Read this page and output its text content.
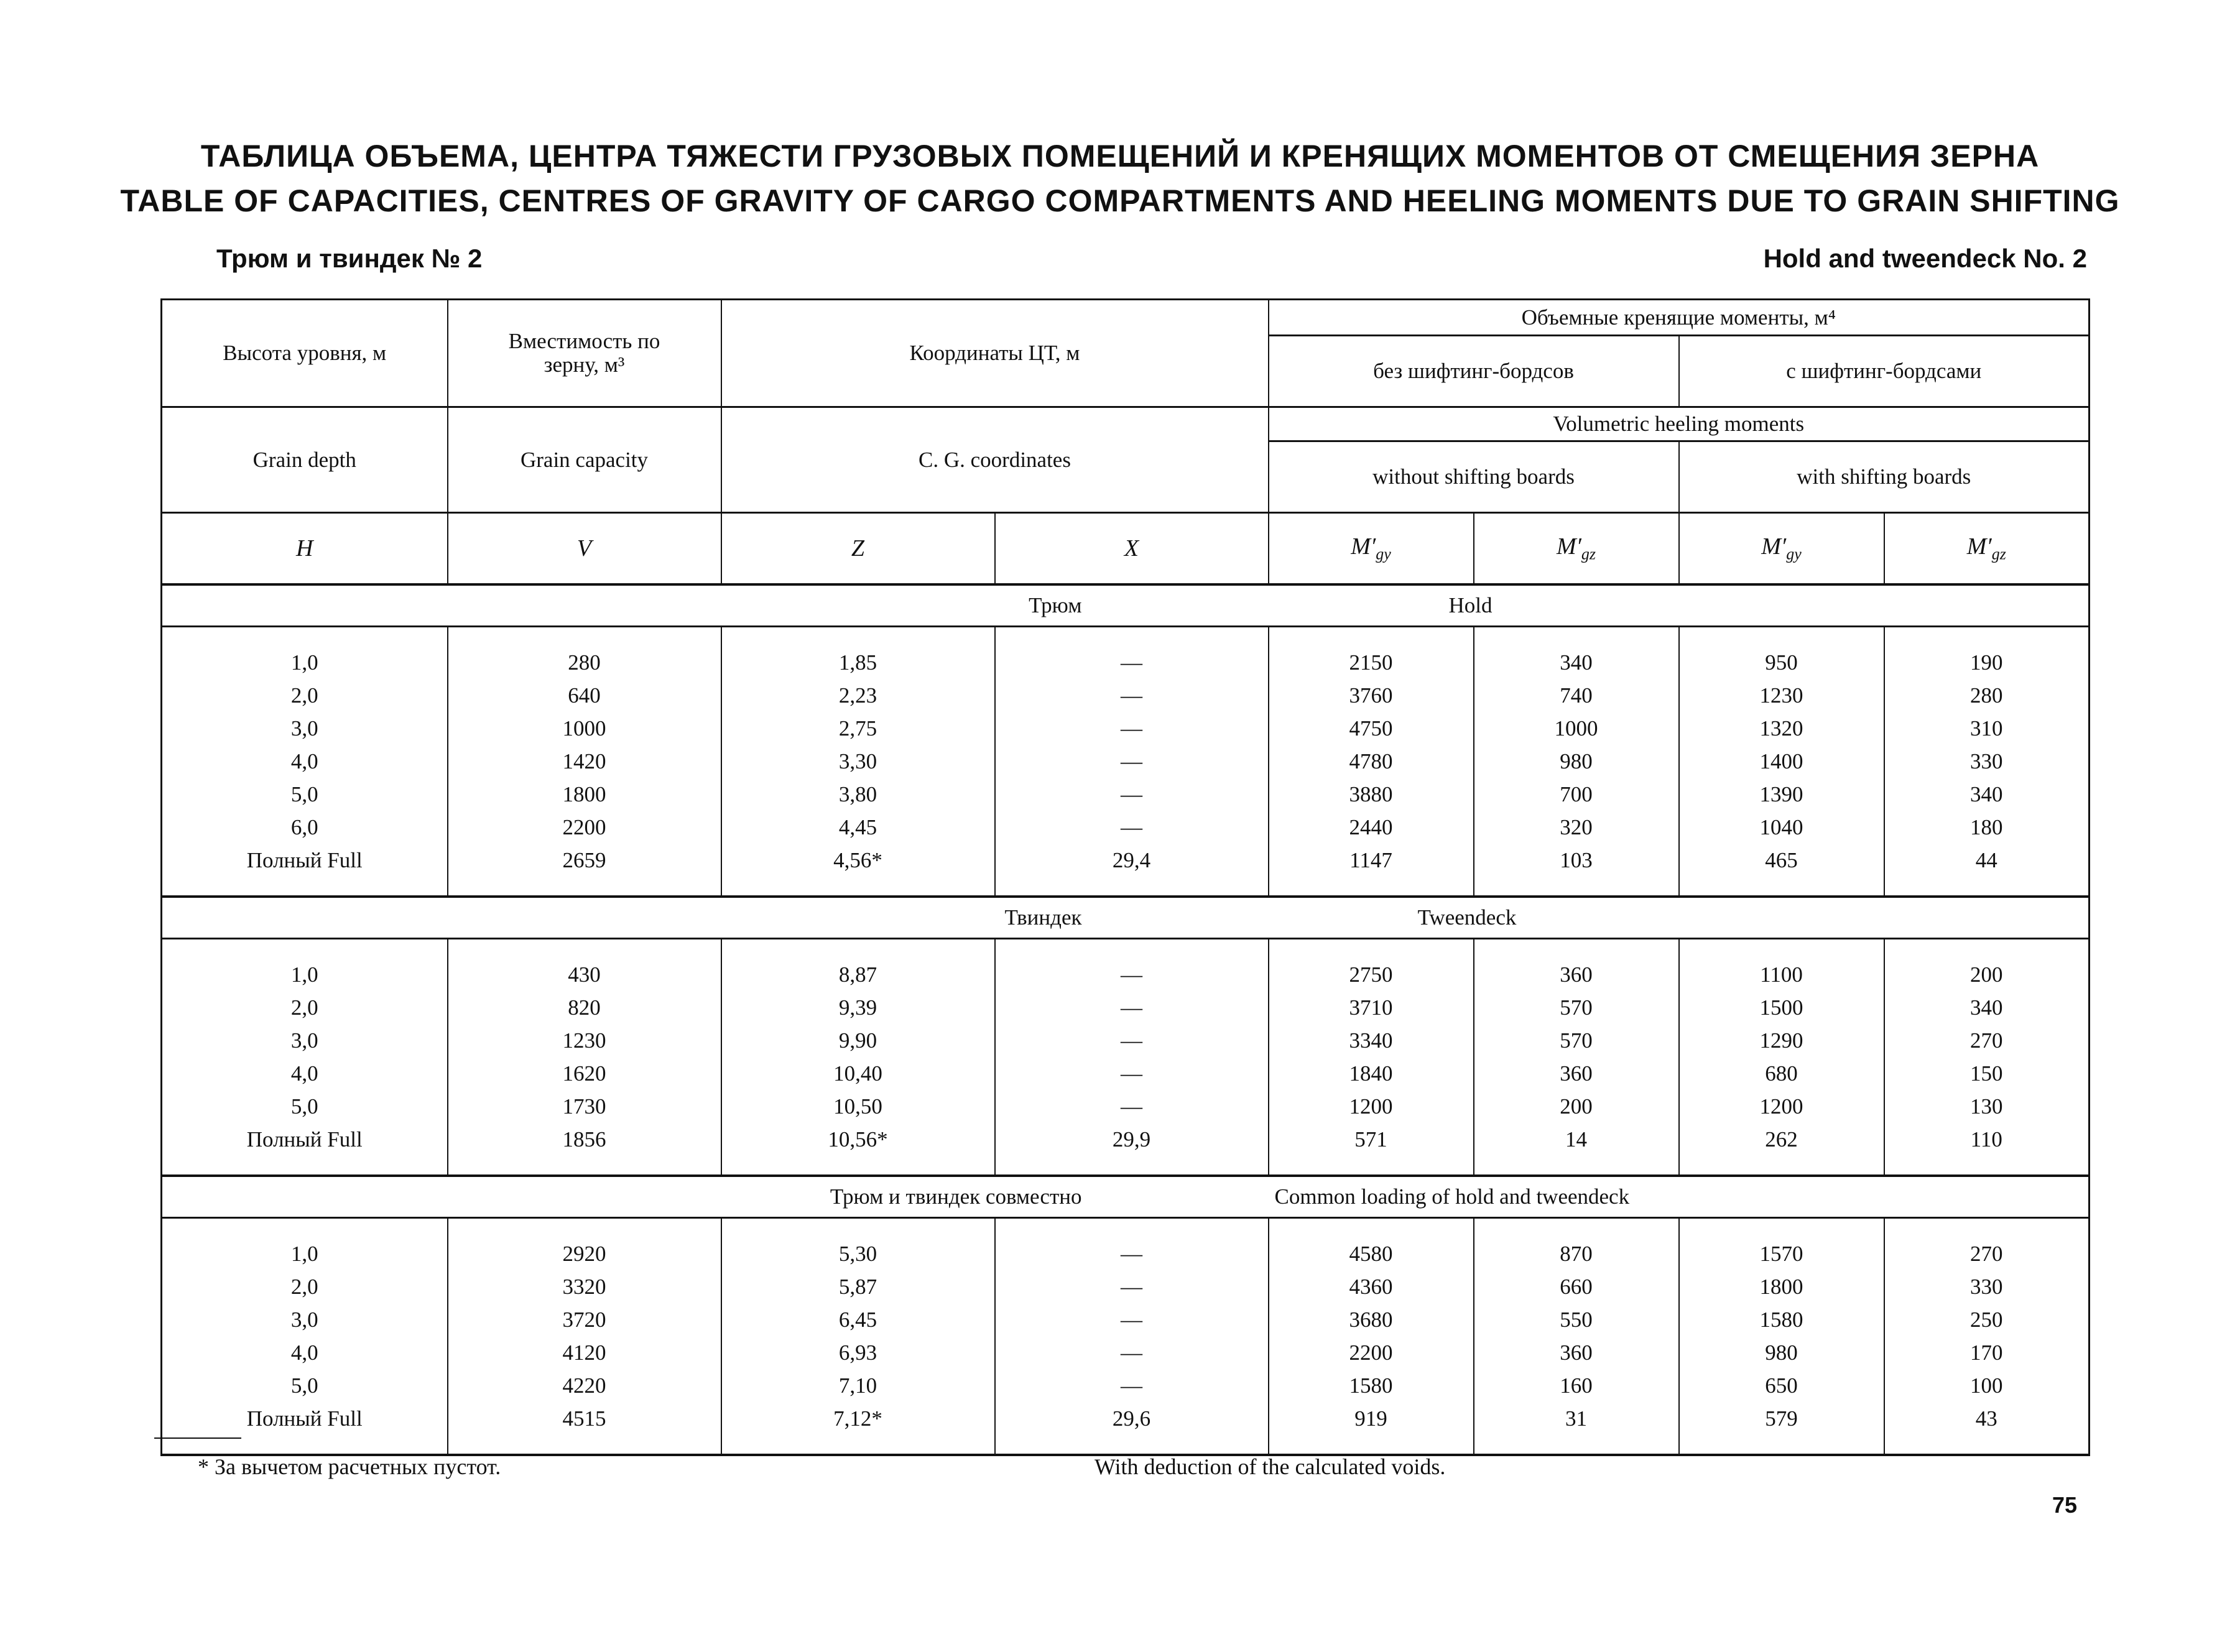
ТАБЛИЦА ОБЪЕМА, ЦЕНТРА ТЯЖЕСТИ ГРУЗОВЫХ ПОМЕЩЕНИЙ И КРЕНЯЩИХ МОМЕНТОВ ОТ СМЕЩЕНИЯ ЗЕРНА
TABLE OF CAPACITIES, CENTRES OF GRAVITY OF CARGO COMPARTMENTS AND HEELING MOMENTS DUE TO GRAIN SHIFTING
Трюм и твиндек № 2	Hold and tweendeck No. 2
Высота уровня, м	Вместимость по зерну, м³	Координаты ЦТ, м		Объемные кренящие моменты, м⁴			
				без шифтинг-бордсов		с шифтинг-бордсами	
Grain depth	Grain capacity	C. G. coordinates		Volumetric heeling moments			
				without shifting boards		with shifting boards	
H	V	Z	X	$M'_{gy}$	$M'_{gz}$	$M'_{gy}$	$M'_{gz}$
Трюм				Hold			

1,0	280	1,85	—	2150	340	950	190
2,0	640	2,23	—	3760	740	1230	280
3,0	1000	2,75	—	4750	1000	1320	310
4,0	1420	3,30	—	4780	980	1400	330
5,0	1800	3,80	—	3880	700	1390	340
6,0	2200	4,45	—	2440	320	1040	180
Полный Full	2659	4,56*	29,4	1147	103	465	44

Твиндек				Tweendeck			

1,0	430	8,87	—	2750	360	1100	200
2,0	820	9,39	—	3710	570	1500	340
3,0	1230	9,90	—	3340	570	1290	270
4,0	1620	10,40	—	1840	360	680	150
5,0	1730	10,50	—	1200	200	1200	130
Полный Full	1856	10,56*	29,9	571	14	262	110

Трюм и твиндек совместно				Common loading of hold and tweendeck			

1,0	2920	5,30	—	4580	870	1570	270
2,0	3320	5,87	—	4360	660	1800	330
3,0	3720	6,45	—	3680	550	1580	250
4,0	4120	6,93	—	2200	360	980	170
5,0	4220	7,10	—	1580	160	650	100
Полный Full	4515	7,12*	29,6	919	31	579	43

* За вычетом расчетных пустот.	With deduction of the calculated voids.
75
